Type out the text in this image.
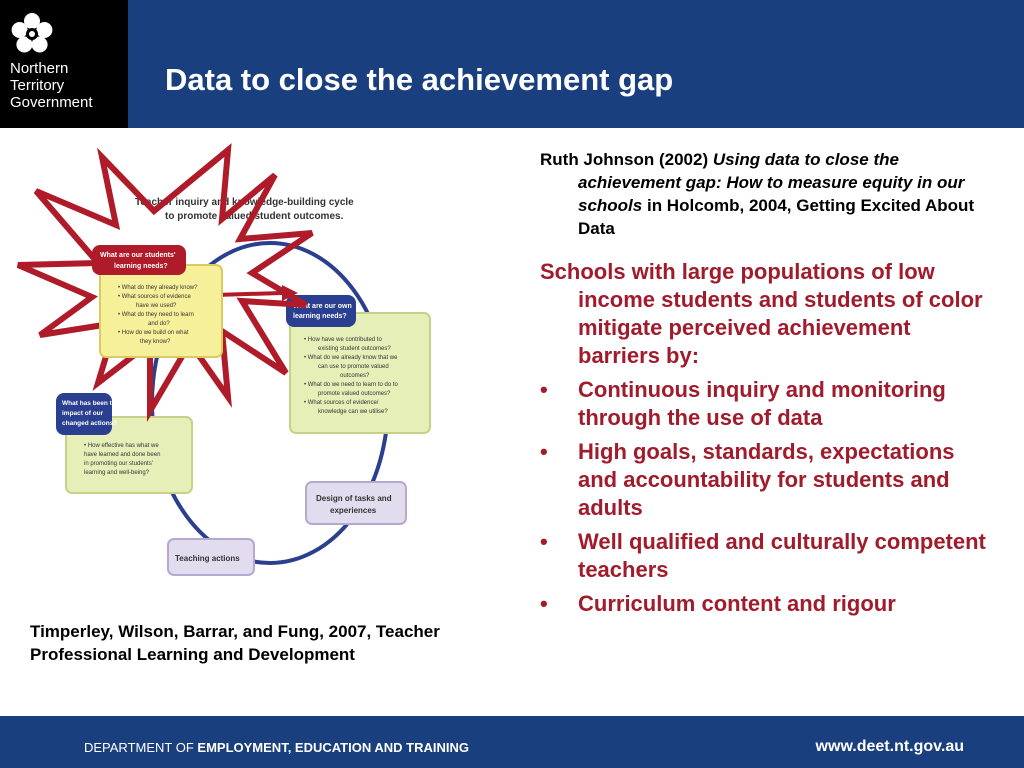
Northern
Territory
Government
Data to close the achievement gap
Teacher inquiry and knowledge-building cycle
to promote valued student outcomes.
What are our own
learning needs?
• How have we contributed to
existing student outcomes?
• What do we already know that we
can use to promote valued
outcomes?
• What do we need to learn to do to
promote valued outcomes?
• What sources of evidence/
knowledge can we utilise?
What has been the
impact of our
changed actions?
• How effective has what we
have learned and done been
in promoting our students'
learning and well-being?
Design of tasks and
experiences
Teaching actions
What are our students'
learning needs?
• What do they already know?
• What sources of evidence
have we used?
• What do they need to learn
and do?
• How do we build on what
they know?
Timperley, Wilson, Barrar, and Fung, 2007, Teacher Professional Learning and Development

Ruth Johnson (2002) Using data to close the achievement gap: How to measure equity in our schools in Holcomb, 2004, Getting Excited About Data

Schools with large populations of low income students and students of color mitigate perceived achievement barriers by:

• Continuous inquiry and monitoring through the use of data
• High goals, standards, expectations and accountability for students and adults
• Well qualified and culturally competent teachers
• Curriculum content and rigour
DEPARTMENT OF EMPLOYMENT, EDUCATION AND TRAINING	www.deet.nt.gov.au
